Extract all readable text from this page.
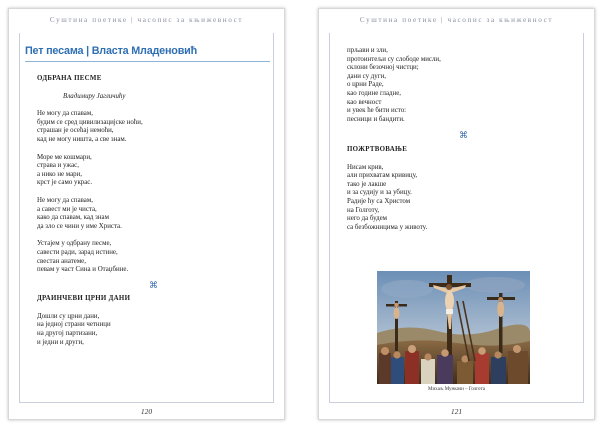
Суштина поетике | часопис за књижевност
Пет песама | Власта Младеновић

ОДБРАНА ПЕСМЕ

Владимиру Јагличићу

Не могу да спавам,
будим се сред цивилизацијске ноћи,
страшан је осећај немоћи,
кад не могу ништа, а све знам.
Море ме кошмари,
страва и ужас,
а нико не мари,
крст је само украс.
Не могу да спавам,
а савест ми је чиста,
како да спавам, кад знам
да зло се чини у име Христа.
Устајем у одбрану песме,
савести ради, зарад истине,
свестан анатеме,
певам у част Сина и Отаџбине.
⌘

ДРАИНЧЕВИ ЦРНИ ДАНИ

Дошли су црни дани,
на једној страни четници
на другој партизани,
и једни и други,
120
Суштина поетике | часопис за књижевност
прљави и зли,
протоинтељи су слободе мисли,
склони безочној чистци;
дани су дуги,
о црни Раде,
као године гладне,
као вечност
и увек ће бити исто:
песници и бандити.
⌘

ПОЖРТВОВАЊЕ

Нисам крив,
али прихватам кривицу,
тако је лакше
и за судију и за убицу.
Радије ћу са Христом
на Голготу,
него да будем
са безбожницима у животу.
Михаљ Мункачи – Голгота
121
